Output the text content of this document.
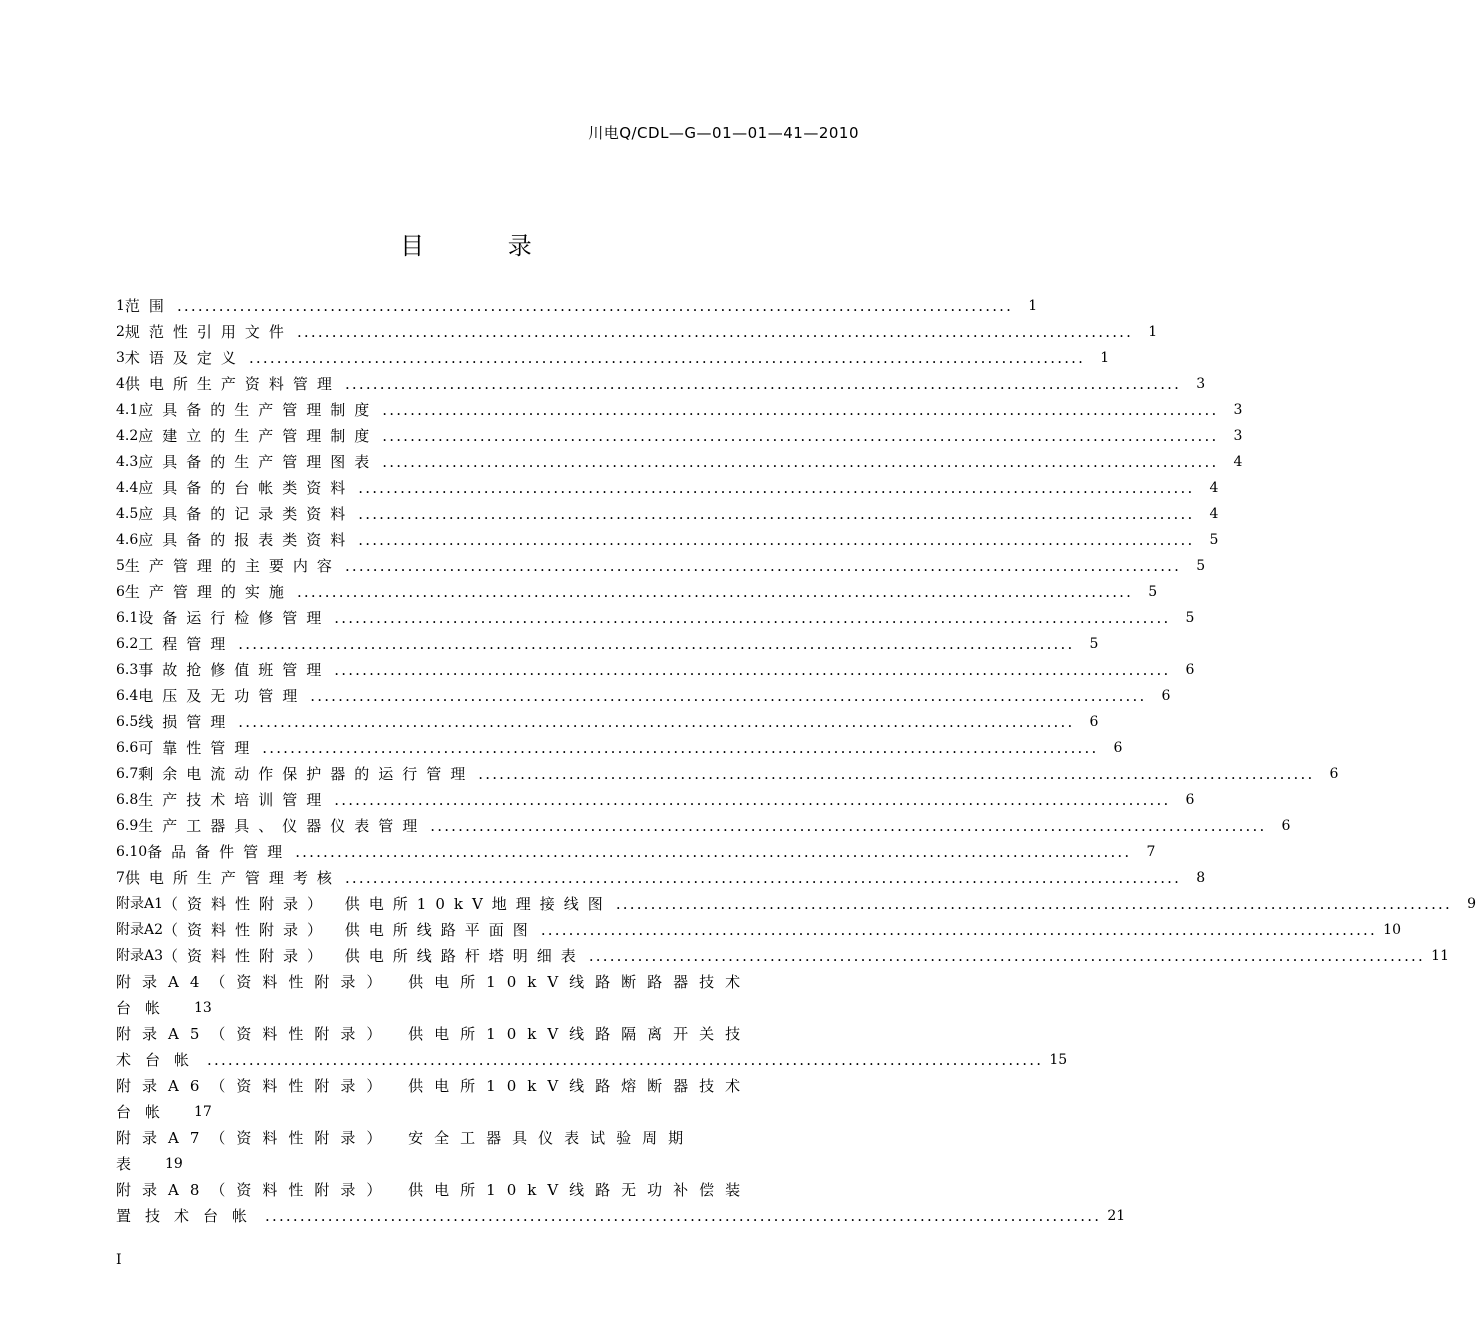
川电Q/CDL—G—01—01—41—2010
目 录
1 范围 ........................................................................................................................	1
2 规范性引用文件 ........................................................................................................................	1
3 术语及定义 ........................................................................................................................	1
4 供电所生产资料管理 ........................................................................................................................	3
4.1 应具备的生产管理制度 ........................................................................................................................	3
4.2 应建立的生产管理制度 ........................................................................................................................	3
4.3 应具备的生产管理图表 ........................................................................................................................	4
4.4 应具备的台帐类资料 ........................................................................................................................	4
4.5 应具备的记录类资料 ........................................................................................................................	4
4.6 应具备的报表类资料 ........................................................................................................................	5
5 生产管理的主要内容 ........................................................................................................................	5
6 生产管理的实施 ........................................................................................................................	5
6.1 设备运行检修管理 ........................................................................................................................	5
6.2 工程管理 ........................................................................................................................	5
6.3 事故抢修值班管理 ........................................................................................................................	6
6.4 电压及无功管理 ........................................................................................................................	6
6.5 线损管理 ........................................................................................................................	6
6.6 可靠性管理 ........................................................................................................................	6
6.7 剩余电流动作保护器的运行管理 ........................................................................................................................	6
6.8 生产技术培训管理 ........................................................................................................................	6
6.9 生产工器具、仪器仪表管理 ........................................................................................................................	6
6.10 备品备件管理 ........................................................................................................................	7
7 供电所生产管理考核 ........................................................................................................................	8
附录A1 （资料性附录） 供电所10kV地理接线图 ........................................................................................................................	9
附录A2 （资料性附录） 供电所线路平面图 ........................................................................................................................ 10
附录A3 （资料性附录） 供电所线路杆塔明细表 ........................................................................................................................ 11
附录A4（资料性附录） 供电所10kV线路断路器技术
台帐 13
附录A5（资料性附录） 供电所10kV线路隔离开关技
术台帐 ........................................................................................................................ 15
附录A6（资料性附录） 供电所10kV线路熔断器技术
台帐 17
附录A7（资料性附录） 安全工器具仪表试验周期
表 19
附录A8（资料性附录） 供电所10kV线路无功补偿装
置技术台帐 ........................................................................................................................ 21
I
